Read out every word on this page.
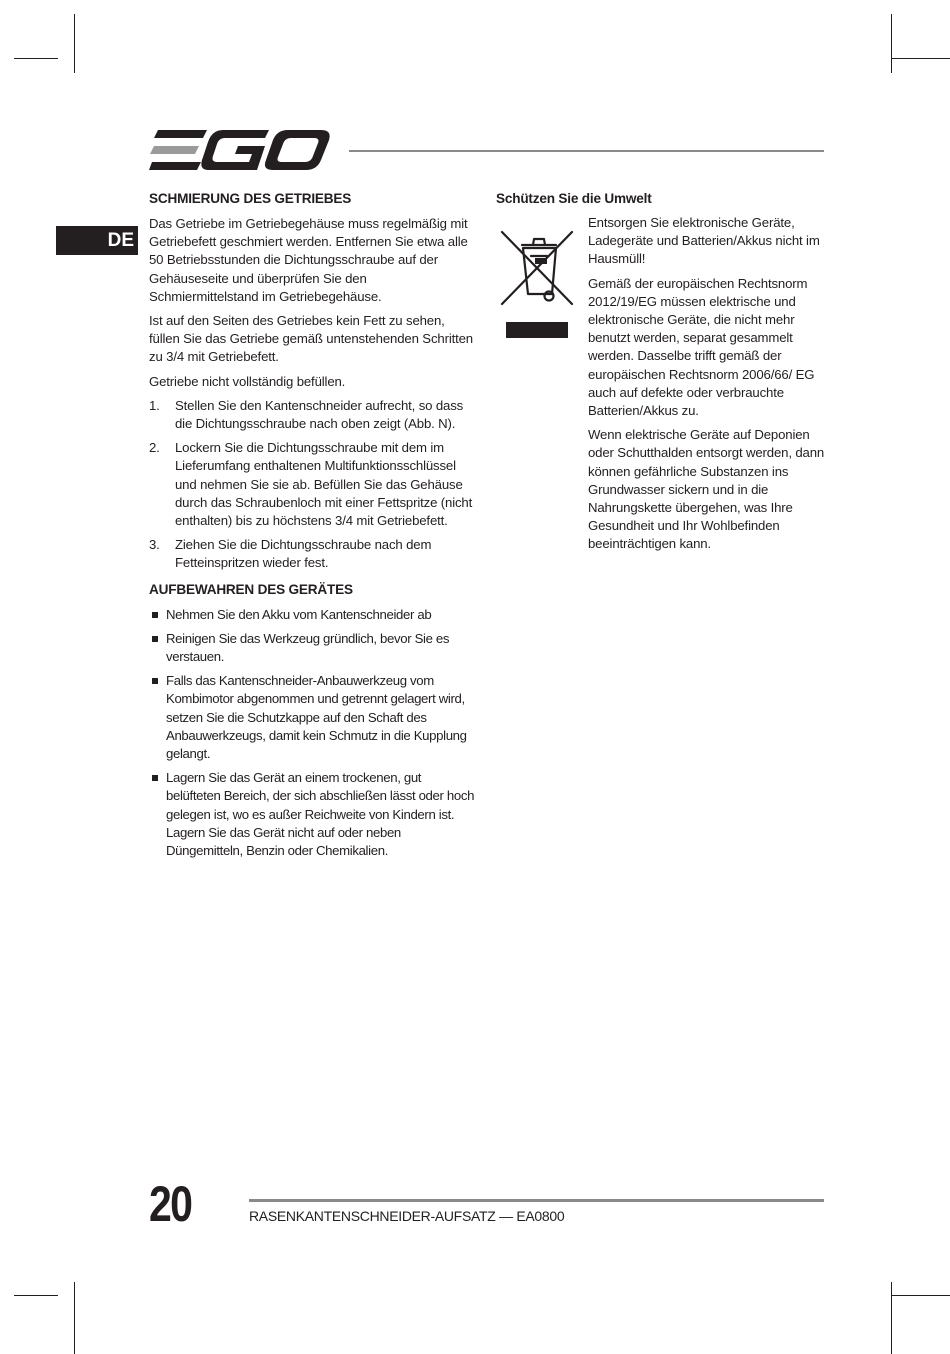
DE
SCHMIERUNG DES GETRIEBES

Das Getriebe im Getriebegehäuse muss regelmäßig mit Getriebefett geschmiert werden. Entfernen Sie etwa alle 50 Betriebsstunden die Dichtungsschraube auf der Gehäuseseite und überprüfen Sie den Schmiermittelstand im Getriebegehäuse.

Ist auf den Seiten des Getriebes kein Fett zu sehen, füllen Sie das Getriebe gemäß untenstehenden Schritten zu 3/4 mit Getriebefett.

Getriebe nicht vollständig befüllen.

1. Stellen Sie den Kantenschneider aufrecht, so dass die Dichtungsschraube nach oben zeigt (Abb. N).
2. Lockern Sie die Dichtungsschraube mit dem im Lieferumfang enthaltenen Multifunktionsschlüssel und nehmen Sie sie ab. Befüllen Sie das Gehäuse durch das Schraubenloch mit einer Fettspritze (nicht enthalten) bis zu höchstens 3/4 mit Getriebefett.
3. Ziehen Sie die Dichtungsschraube nach dem Fetteinspritzen wieder fest.
AUFBEWAHREN DES GERÄTES
Nehmen Sie den Akku vom Kantenschneider ab
Reinigen Sie das Werkzeug gründlich, bevor Sie es verstauen.
Falls das Kantenschneider-Anbauwerkzeug vom Kombimotor abgenommen und getrennt gelagert wird, setzen Sie die Schutzkappe auf den Schaft des Anbauwerkzeugs, damit kein Schmutz in die Kupplung gelangt.
Lagern Sie das Gerät an einem trockenen, gut belüfteten Bereich, der sich abschließen lässt oder hoch gelegen ist, wo es außer Reichweite von Kindern ist. Lagern Sie das Gerät nicht auf oder neben Düngemitteln, Benzin oder Chemikalien.
Schützen Sie die Umwelt

Entsorgen Sie elektronische Geräte, Ladegeräte und Batterien/Akkus nicht im Hausmüll!

Gemäß der europäischen Rechtsnorm 2012/19/EG müssen elektrische und elektronische Geräte, die nicht mehr benutzt werden, separat gesammelt werden. Dasselbe trifft gemäß der europäischen Rechtsnorm 2006/66/ EG auch auf defekte oder verbrauchte Batterien/Akkus zu.

Wenn elektrische Geräte auf Deponien oder Schutthalden entsorgt werden, dann können gefährliche Substanzen ins Grundwasser sickern und in die Nahrungskette übergehen, was Ihre Gesundheit und Ihr Wohlbefinden beeinträchtigen kann.

20	RASENKANTENSCHNEIDER-AUFSATZ — EA0800
